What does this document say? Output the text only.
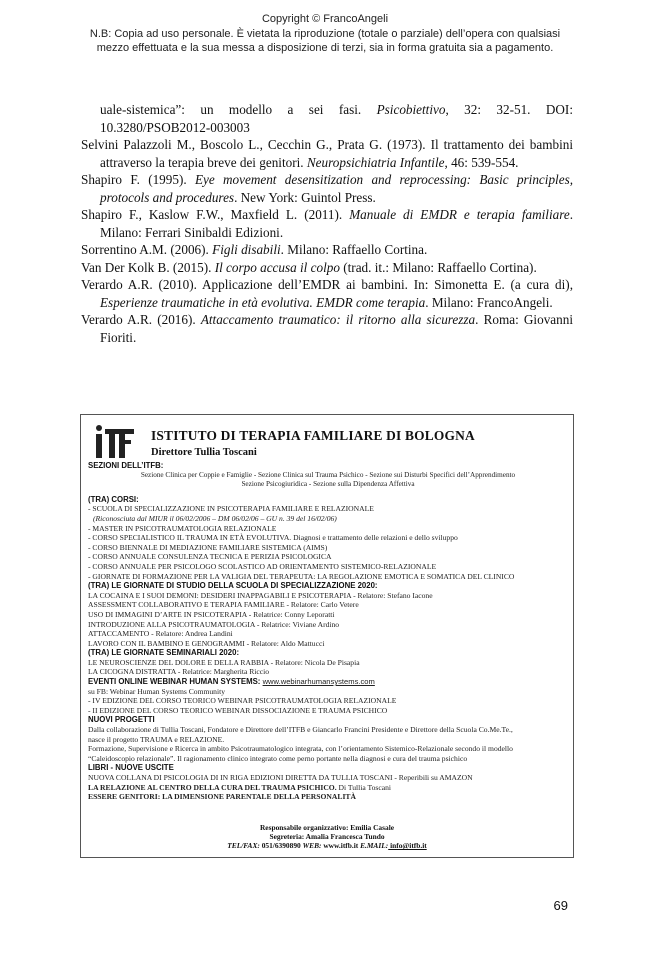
Copyright © FrancoAngeli
N.B: Copia ad uso personale. È vietata la riproduzione (totale o parziale) dell’opera con qualsiasi
mezzo effettuata e la sua messa a disposizione di terzi, sia in forma gratuita sia a pagamento.
uale-sistemica”: un modello a sei fasi. Psicobiettivo, 32: 32-51. DOI: 10.3280/PSOB2012-003003
Selvini Palazzoli M., Boscolo L., Cecchin G., Prata G. (1973). Il trattamento dei bambini attraverso la terapia breve dei genitori. Neuropsichiatria Infantile, 46: 539-554.
Shapiro F. (1995). Eye movement desensitization and reprocessing: Basic principles, protocols and procedures. New York: Guintol Press.
Shapiro F., Kaslow F.W., Maxfield L. (2011). Manuale di EMDR e terapia familiare. Milano: Ferrari Sinibaldi Edizioni.
Sorrentino A.M. (2006). Figli disabili. Milano: Raffaello Cortina.
Van Der Kolk B. (2015). Il corpo accusa il colpo (trad. it.: Milano: Raffaello Cortina).
Verardo A.R. (2010). Applicazione dell’EMDR ai bambini. In: Simonetta E. (a cura di), Esperienze traumatiche in età evolutiva. EMDR come terapia. Milano: FrancoAngeli.
Verardo A.R. (2016). Attaccamento traumatico: il ritorno alla sicurezza. Roma: Giovanni Fioriti.
ISTITUTO DI TERAPIA FAMILIARE DI BOLOGNA
Direttore Tullia Toscani
SEZIONI DELL’ITFB:
Sezione Clinica per Coppie e Famiglie - Sezione Clinica sul Trauma Psichico - Sezione sui Disturbi Specifici dell’Apprendimento
Sezione Psicogiuridica - Sezione sulla Dipendenza Affettiva
(TRA) CORSI:
- SCUOLA DI SPECIALIZZAZIONE IN PSICOTERAPIA FAMILIARE E RELAZIONALE
(Riconosciuta dal MIUR il 06/02/2006 – DM 06/02/06 – GU n. 39 del 16/02/06)
- MASTER IN PSICOTRAUMATOLOGIA RELAZIONALE
- CORSO SPECIALISTICO IL TRAUMA IN ETÀ EVOLUTIVA. Diagnosi e trattamento delle relazioni e dello sviluppo
- CORSO BIENNALE DI MEDIAZIONE FAMILIARE SISTEMICA (AIMS)
- CORSO ANNUALE CONSULENZA TECNICA E PERIZIA PSICOLOGICA
- CORSO ANNUALE PER PSICOLOGO SCOLASTICO AD ORIENTAMENTO SISTEMICO-RELAZIONALE
- GIORNATE DI FORMAZIONE PER LA VALIGIA DEL TERAPEUTA: LA REGOLAZIONE EMOTICA E SOMATICA DEL CLINICO
(TRA) LE GIORNATE DI STUDIO DELLA SCUOLA DI SPECIALIZZAZIONE 2020:
LA COCAINA E I SUOI DEMONI: DESIDERI INAPPAGABILI E PSICOTERAPIA - Relatore: Stefano Iacone
ASSESSMENT COLLABORATIVO E TERAPIA FAMILIARE - Relatore: Carlo Vetere
USO DI IMMAGINI D’ARTE IN PSICOTERAPIA - Relatrice: Conny Leporatti
INTRODUZIONE ALLA PSICOTRAUMATOLOGIA - Relatrice: Viviane Ardino
ATTACCAMENTO - Relatore: Andrea Landini
LAVORO CON IL BAMBINO E GENOGRAMMI - Relatore: Aldo Mattucci
(TRA) LE GIORNATE SEMINARIALI 2020:
LE NEUROSCIENZE DEL DOLORE E DELLA RABBIA - Relatore: Nicola De Pisapia
LA CICOGNA DISTRATTA - Relatrice: Margherita Riccio
EVENTI ONLINE WEBINAR HUMAN SYSTEMS: www.webinarhumansystems.com
su FB: Webinar Human Systems Community
- IV EDIZIONE DEL CORSO TEORICO WEBINAR PSICOTRAUMATOLOGIA RELAZIONALE
- II EDIZIONE DEL CORSO TEORICO WEBINAR DISSOCIAZIONE E TRAUMA PSICHICO
NUOVI PROGETTI
Dalla collaborazione di Tullia Toscani, Fondatore e Direttore dell’ITFB e Giancarlo Francini Presidente e Direttore della Scuola Co.Me.Te.,
nasce il progetto TRAUMA e RELAZIONE.
Formazione, Supervisione e Ricerca in ambito Psicotraumatologico integrata, con l’orientamento Sistemico-Relazionale secondo il modello
“Caleidoscopio relazionale”. Il ragionamento clinico integrato come perno portante nella diagnosi e cura del trauma psichico
LIBRI - NUOVE USCITE
NUOVA COLLANA DI PSICOLOGIA DI IN RIGA EDIZIONI DIRETTA DA TULLIA TOSCANI - Reperibili su AMAZON
LA RELAZIONE AL CENTRO DELLA CURA DEL TRAUMA PSICHICO. Di Tullia Toscani
ESSERE GENITORI: LA DIMENSIONE PARENTALE DELLA PERSONALITÀ
Responsabile organizzativo: Emilia Casale
Segreteria: Amalia Francesca Tundo
TEL/FAX: 051/6390890 WEB: www.itfb.it E.MAIL: info@itfb.it
69
